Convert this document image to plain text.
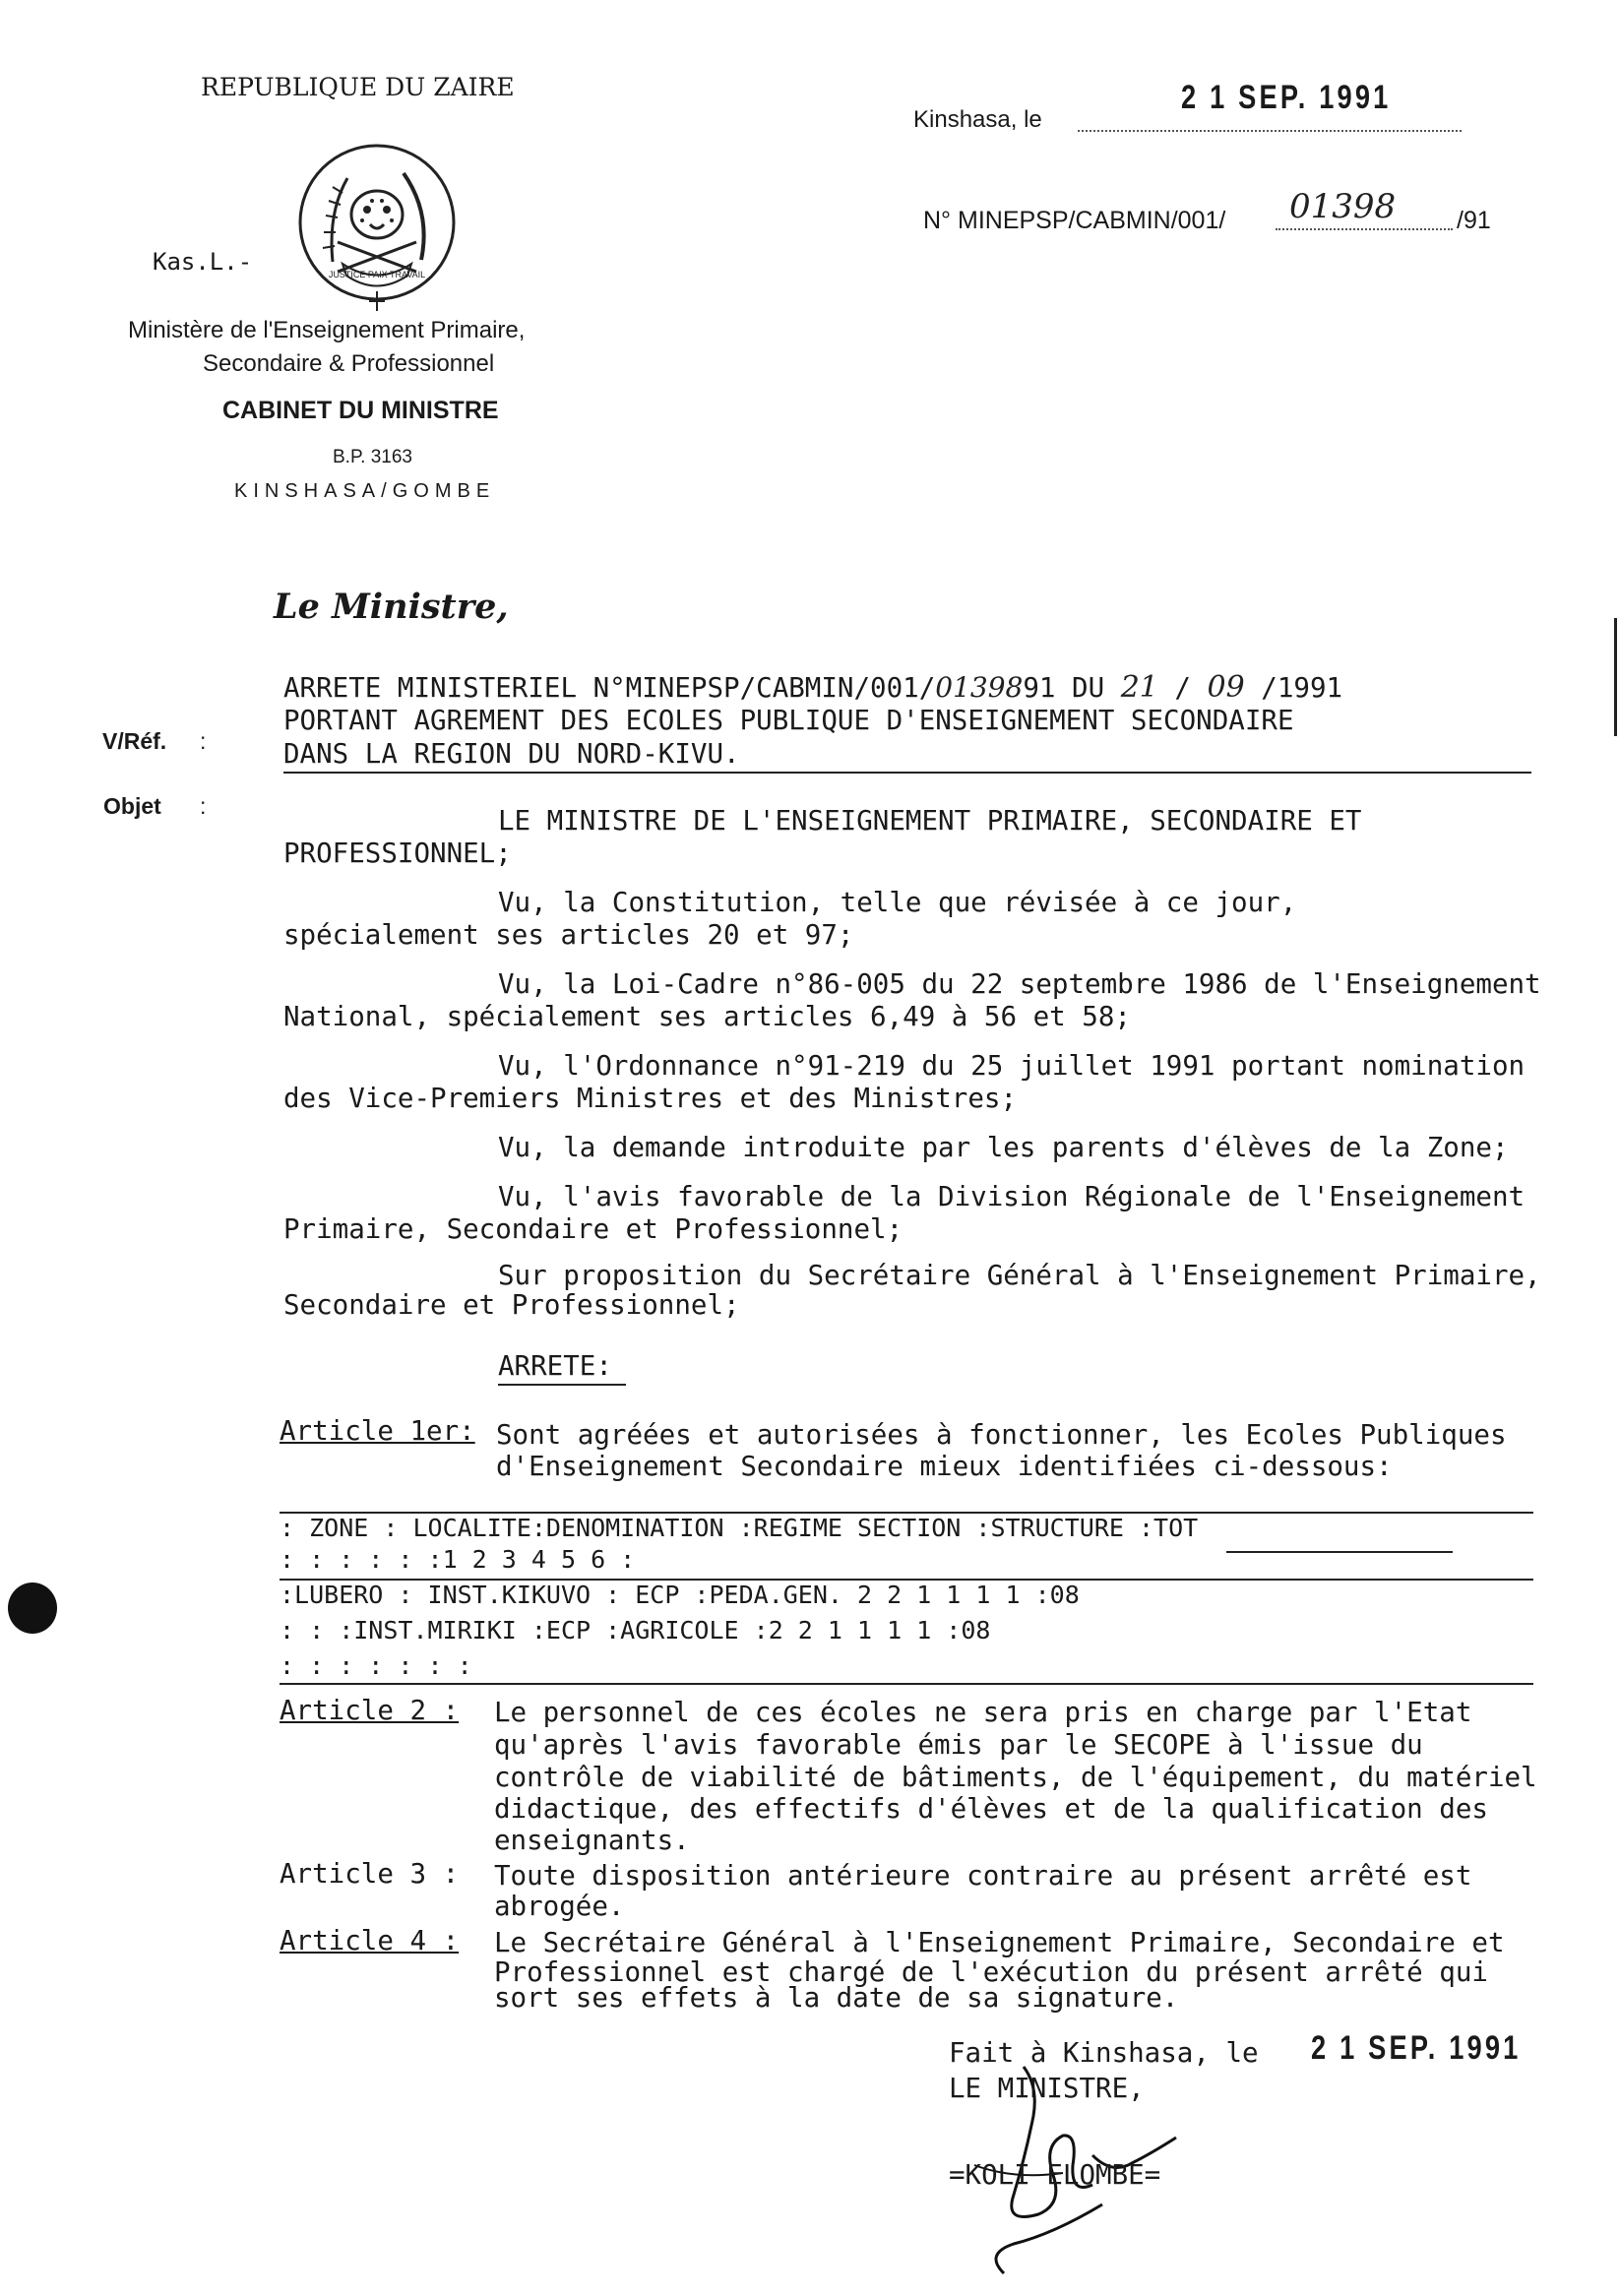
REPUBLIQUE DU ZAIRE
JUSTICE PAIX TRAVAIL
Kas.L.-
Ministère de l'Enseignement Primaire,
Secondaire & Professionnel
CABINET DU MINISTRE
B.P. 3163
KINSHASA/GOMBE
Kinshasa, le
2 1 SEP. 1991
N° MINEPSP/CABMIN/001/ 01398 /91
Le Ministre,
V/Réf. :
Objet :
ARRETE MINISTERIEL N°MINEPSP/CABMIN/001/0139891 DU 21 / 09 /1991
PORTANT AGREMENT DES ECOLES PUBLIQUE D'ENSEIGNEMENT SECONDAIRE
DANS LA REGION DU NORD-KIVU.
LE MINISTRE DE L'ENSEIGNEMENT PRIMAIRE, SECONDAIRE ET
PROFESSIONNEL;
Vu, la Constitution, telle que révisée à ce jour,
spécialement ses articles 20 et 97;
Vu, la Loi-Cadre n°86-005 du 22 septembre 1986 de l'Enseignement
National, spécialement ses articles 6,49 à 56 et 58;
Vu, l'Ordonnance n°91-219 du 25 juillet 1991 portant nomination
des Vice-Premiers Ministres et des Ministres;
Vu, la demande introduite par les parents d'élèves de la Zone;
Vu, l'avis favorable de la Division Régionale de l'Enseignement
Primaire, Secondaire et Professionnel;
Sur proposition du Secrétaire Général à l'Enseignement Primaire,
Secondaire et Professionnel;
ARRETE:
Article 1er: Sont agréées et autorisées à fonctionner, les Ecoles Publiques
d'Enseignement Secondaire mieux identifiées ci-dessous:
: ZONE : LOCALITE:DENOMINATION :REGIME SECTION :STRUCTURE :TOT
: : : : : :1 2 3 4 5 6 :
:LUBERO : INST.KIKUVO : ECP :PEDA.GEN. 2 2 1 1 1 1 :08
: : :INST.MIRIKI :ECP :AGRICOLE :2 2 1 1 1 1 :08
: : : : : : :
Article 2 : Le personnel de ces écoles ne sera pris en charge par l'Etat
qu'après l'avis favorable émis par le SECOPE à l'issue du
contrôle de viabilité de bâtiments, de l'équipement, du matériel
didactique, des effectifs d'élèves et de la qualification des
enseignants.
Article 3 : Toute disposition antérieure contraire au présent arrêté est
abrogée.
Article 4 : Le Secrétaire Général à l'Enseignement Primaire, Secondaire et
Professionnel est chargé de l'exécution du présent arrêté qui
sort ses effets à la date de sa signature.
Fait à Kinshasa, le 2 1 SEP. 1991
LE MINISTRE,
=KOLI ELOMBE=
